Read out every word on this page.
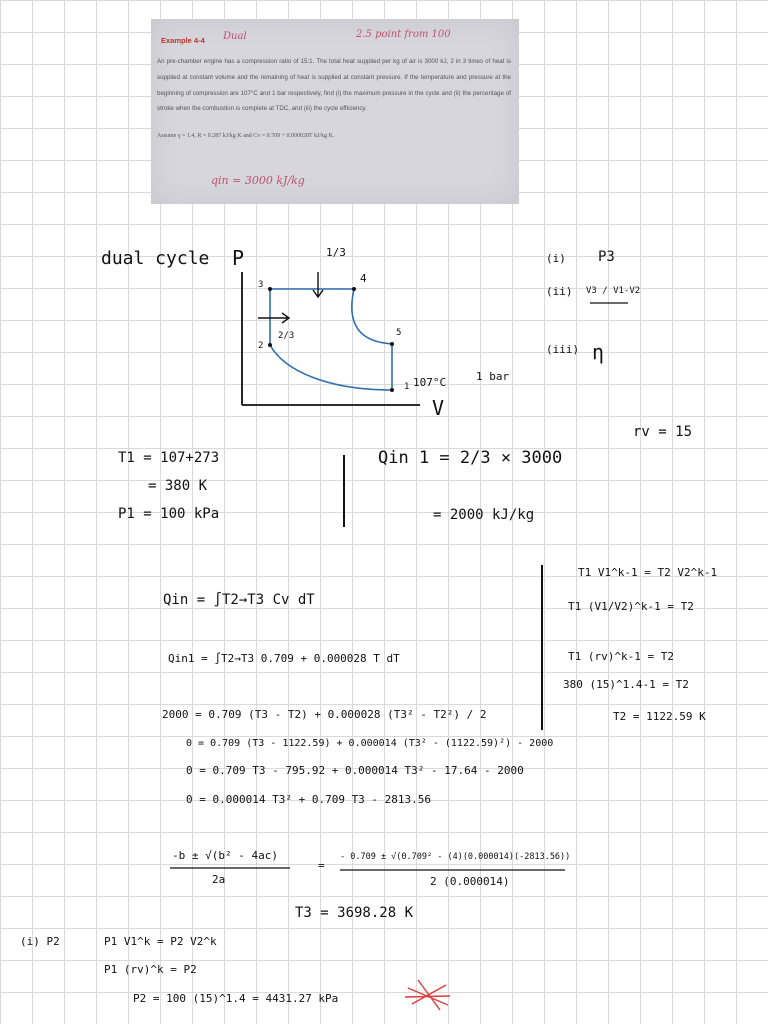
Example 4-4 Dual	2.5 point from 100
An pre-chamber engine has a compression ratio of 15:1. The total heat supplied per kg of air is 3000 kJ, 2 in 3 times of heat is supplied at constant volume and the remaining of heat is supplied at constant pressure. If the temperature and pressure at the beginning of compression are 107°C and 1 bar respectively, find (i) the maximum pressure in the cycle and (ii) the percentage of stroke when the combustion is complete at TDC, and (iii) the cycle efficiency.
Assume γ = 1.4, R = 0.287 kJ/kg K and Cv = 0.709 + 0.000028T kJ/kg K.
qin = 3000 kJ/kg
dual cycle P
V
1/3
2/3
1
2
3	4
5
107°C	1 bar
(i) P3
(ii) V3 / V1-V2
(iii) η
rv = 15
T1 = 107+273
= 380 K
P1 = 100 kPa
Qin 1 = 2/3 × 3000
= 2000 kJ/kg
T1 V1^k-1 = T2 V2^k-1
T1 (V1/V2)^k-1 = T2
T1 (rv)^k-1 = T2
380 (15)^1.4-1 = T2
T2 = 1122.59 K
Qin = ∫T2→T3 Cv dT
Qin1 = ∫T2→T3 0.709 + 0.000028 T dT
2000 = 0.709 (T3 - T2) + 0.000028 (T3² - T2²) / 2
0 = 0.709 (T3 - 1122.59) + 0.000014 (T3² - (1122.59)²) - 2000
0 = 0.709 T3 - 795.92 + 0.000014 T3² - 17.64 - 2000
0 = 0.000014 T3² + 0.709 T3 - 2813.56
-b ± √(b² - 4ac)
2a
=
- 0.709 ± √(0.709² - (4)(0.000014)(-2813.56))
2 (0.000014)
T3 = 3698.28 K
(i) P2	P1 V1^k = P2 V2^k
P1 (rv)^k = P2
P2 = 100 (15)^1.4 = 4431.27 kPa
